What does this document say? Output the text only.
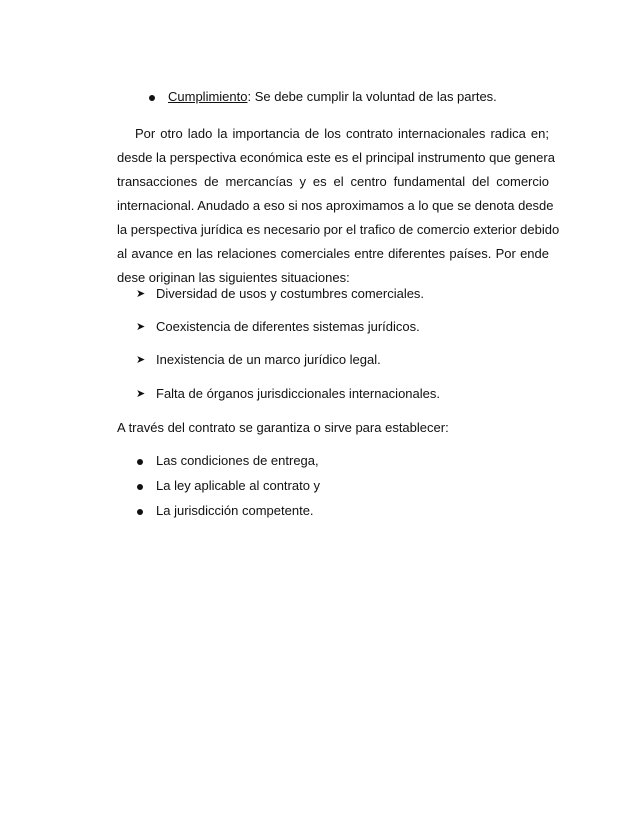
Cumplimiento: Se debe cumplir la voluntad de las partes.
Por otro lado la importancia de los contrato internacionales radica en;
desde la perspectiva económica este es el principal instrumento que genera
transacciones de mercancías y es el centro fundamental del comercio
internacional. Anudado a eso si nos aproximamos a lo que se denota desde
la perspectiva jurídica es necesario por el trafico de comercio exterior debido
al avance en las relaciones comerciales entre diferentes países. Por ende
dese originan las siguientes situaciones:
➤ Diversidad de usos y costumbres comerciales.
➤ Coexistencia de diferentes sistemas jurídicos.
➤ Inexistencia de un marco jurídico legal.
➤ Falta de órganos jurisdiccionales internacionales.
A través del contrato se garantiza o sirve para establecer:
Las condiciones de entrega,
La ley aplicable al contrato y
La jurisdicción competente.
